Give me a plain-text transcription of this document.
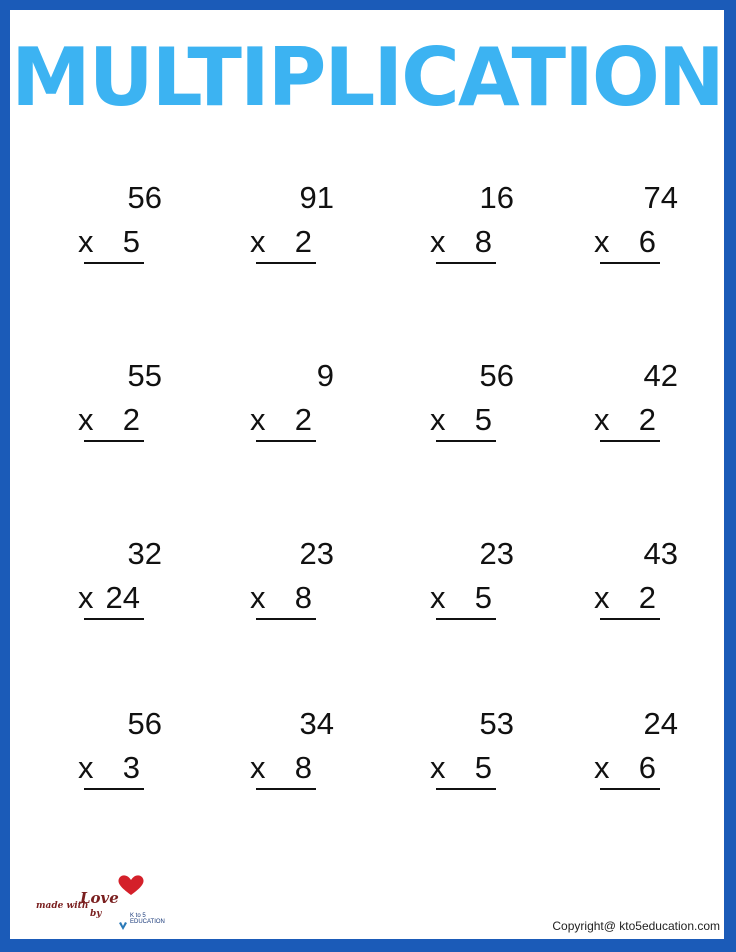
MULTIPLICATION
56
x 5
91
x 2
16
x 8
74
x 6
55
x 2
9
x 2
56
x 5
42
x 2
32
x 24
23
x 8
23
x 5
43
x 2
56
x 3
34
x 8
53
x 5
24
x 6
made with
Love
by	K to 5 EDUCATION	Copyright@ kto5education.com
